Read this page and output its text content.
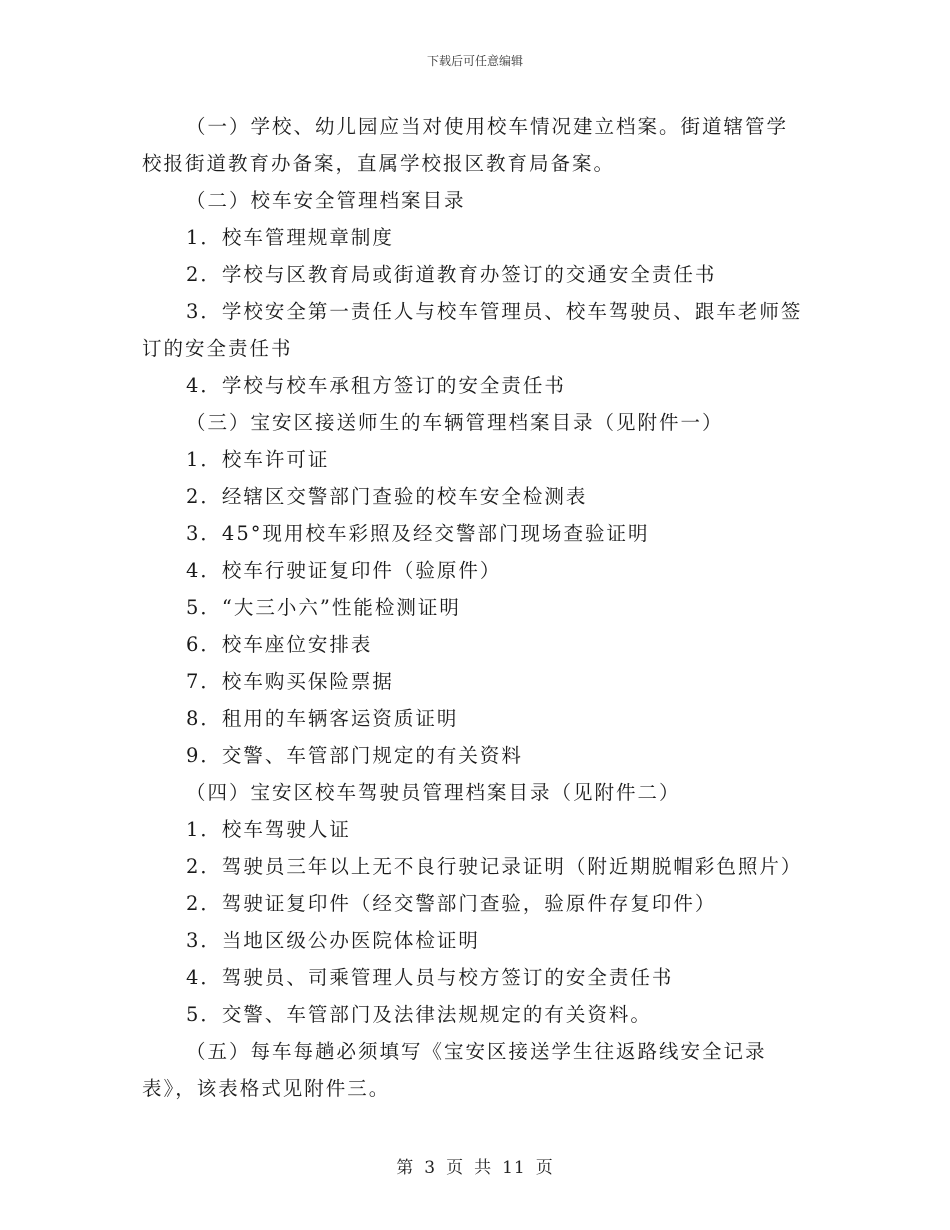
下载后可任意编辑
（一）学校、幼儿园应当对使用校车情况建立档案。街道辖管学
校报街道教育办备案，直属学校报区教育局备案。
（二）校车安全管理档案目录
1．校车管理规章制度
2．学校与区教育局或街道教育办签订的交通安全责任书
3．学校安全第一责任人与校车管理员、校车驾驶员、跟车老师签
订的安全责任书
4．学校与校车承租方签订的安全责任书
（三）宝安区接送师生的车辆管理档案目录（见附件一）
1．校车许可证
2．经辖区交警部门查验的校车安全检测表
3．45°现用校车彩照及经交警部门现场查验证明
4．校车行驶证复印件（验原件）
5．“大三小六”性能检测证明
6．校车座位安排表
7．校车购买保险票据
8．租用的车辆客运资质证明
9．交警、车管部门规定的有关资料
（四）宝安区校车驾驶员管理档案目录（见附件二）
1．校车驾驶人证
2．驾驶员三年以上无不良行驶记录证明（附近期脱帽彩色照片）
2．驾驶证复印件（经交警部门查验，验原件存复印件）
3．当地区级公办医院体检证明
4．驾驶员、司乘管理人员与校方签订的安全责任书
5．交警、车管部门及法律法规规定的有关资料。
（五）每车每趟必须填写《宝安区接送学生往返路线安全记录
表》，该表格式见附件三。
第 3 页 共 11 页
